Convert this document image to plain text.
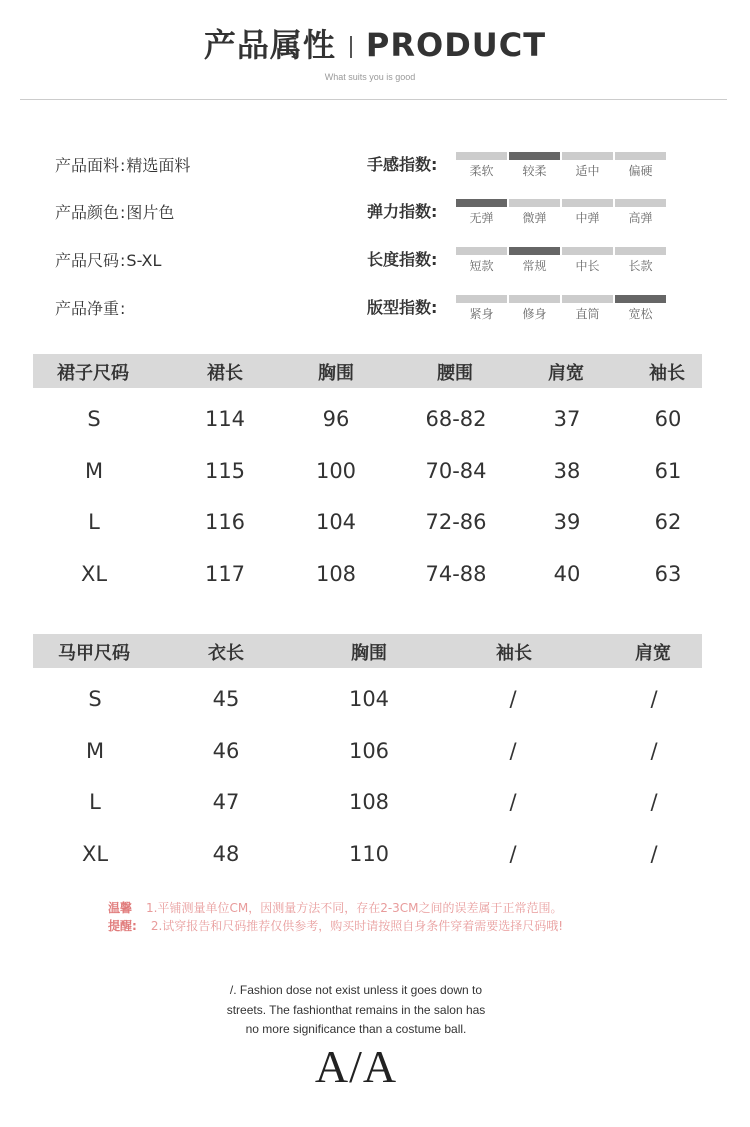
产品属性 PRODUCT
What suits you is good
产品面料:精选面料
产品颜色:图片色
产品尺码:S-XL
产品净重:
手感指数:	柔软	较柔	适中	偏硬
弹力指数:	无弹	微弹	中弹	高弹
长度指数:	短款	常规	中长	长款
版型指数:	紧身	修身	直筒	宽松
裙子尺码	裙长	胸围	腰围	肩宽	袖长
S	114	96	68-82	37	60
M	115	100	70-84	38	61
L	116	104	72-86	39	62
XL	117	108	74-88	40	63
马甲尺码	衣长	胸围	袖长	肩宽
S	45	104	/	/
M	46	106	/	/
L	47	108	/	/
XL	48	110	/	/
温馨 1.平铺测量单位CM，因测量方法不同，存在2-3CM之间的误差属于正常范围。
提醒: 2.试穿报告和尺码推荐仅供参考，购买时请按照自身条件穿着需要选择尺码哦!
/. Fashion dose not exist unless it goes down to
streets. The fashionthat remains in the salon has
no more significance than a costume ball.
A/A
